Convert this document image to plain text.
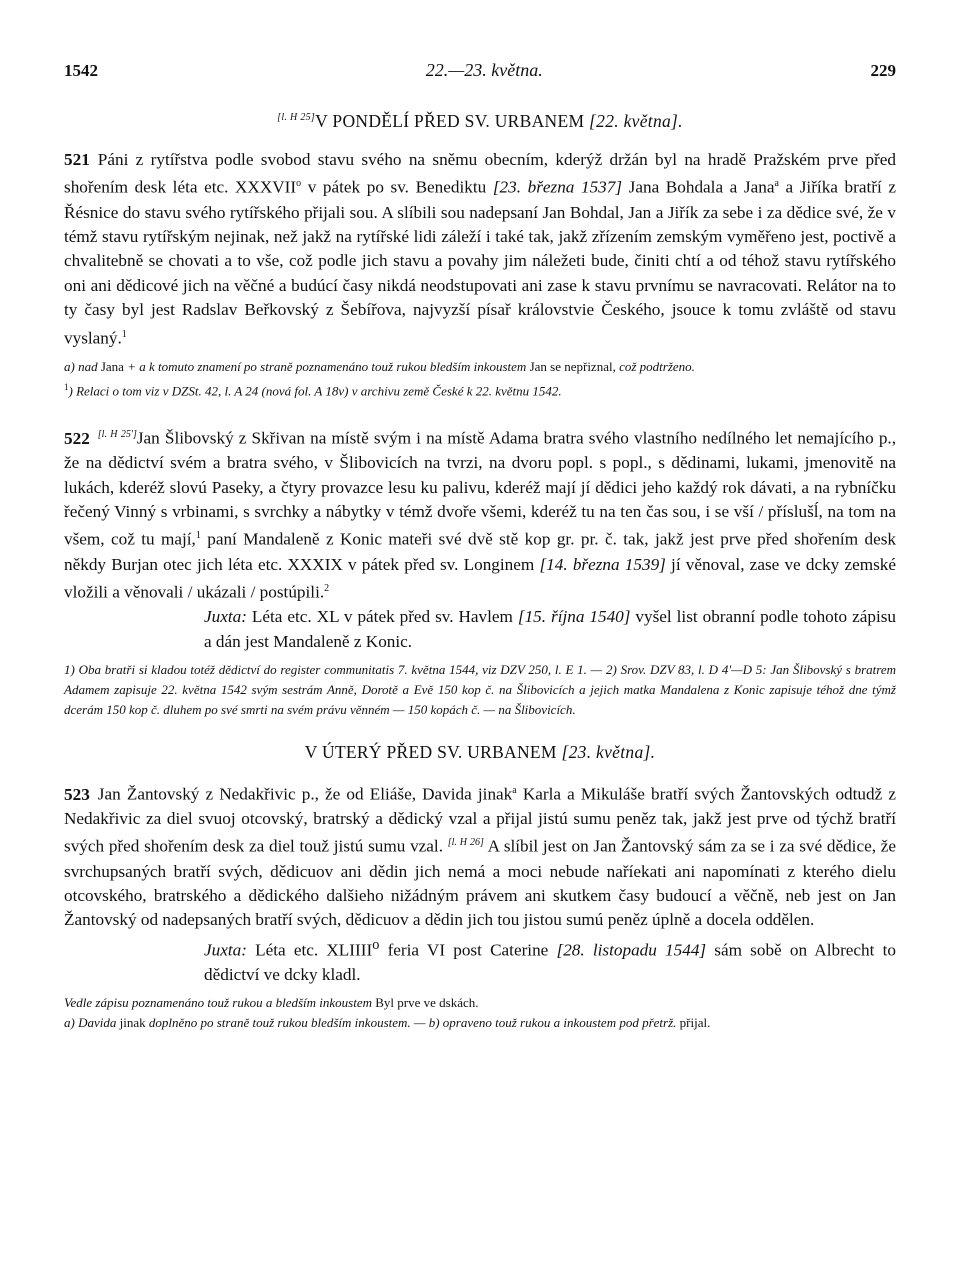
1542	22.—23. května.	229
[l. H 25]V PONDĚLÍ PŘED SV. URBANEM [22. května].

521 Páni z rytířstva podle svobod stavu svého na sněmu obecním, kderýž držán byl na hradě Pražském prve před shořením desk léta etc. XXXVII$^o$ v pátek po sv. Benediktu [23. března 1537] Jana Bohdala a Jana$^a$ a Jiříka bratří z Řésnice do stavu svého rytířského přijali sou. A slíbili sou nadepsaní Jan Bohdal, Jan a Jiřík za sebe i za dědice své, že v témž stavu rytířským nejinak, než jakž na rytířské lidi záleží i také tak, jakž zřízením zemským vyměřeno jest, poctivě a chvalitebně se chovati a to vše, což podle jich stavu a povahy jim náležeti bude, činiti chtí a od téhož stavu rytířského oni ani dědicové jich na věčné a budúcí časy nikdá neodstupovati ani zase k stavu prvnímu se navracovati. Relátor na to ty časy byl jest Radslav Beřkovský z Šebířova, najvyzší písař královstvie Českého, jsouce k tomu zvláště od stavu vyslaný.$^1$

a) nad Jana + a k tomuto znamení po straně poznamenáno touž rukou bledším inkoustem Jan se nepřiznal, což podtrženo.

$^1$) Relaci o tom viz v DZSt. 42, l. A 24 (nová fol. A 18v) v archivu země České k 22. květnu 1542.

522 [l. H 25']Jan Šlibovský z Skřivan na místě svým i na místě Adama bratra svého vlastního nedílného let nemajícího p., že na dědictví svém a bratra svého, v Šlibovicích na tvrzi, na dvoru popl. s popl., s dědinami, lukami, jmenovitě na lukách, kderéž slovú Paseky, a čtyry provazce lesu ku palivu, kderéž mají jí dědici jeho každý rok dávati, a na rybníčku řečený Vinný s vrbinami, s svrchky a nábytky v témž dvoře všemi, kderéž tu na ten čas sou, i se vší / příslušĺ, na tom na všem, což tu mají,$^1$ paní Mandaleně z Konic mateři své dvě stě kop gr. pr. č. tak, jakž jest prve před shořením desk někdy Burjan otec jich léta etc. XXXIX v pátek před sv. Longinem [14. března 1539] jí věnoval, zase ve dcky zemské vložili a věnovali / ukázali / postúpili.$^2$

Juxta: Léta etc. XL v pátek před sv. Havlem [15. října 1540] vyšel list obranní podle tohoto zápisu a dán jest Mandaleně z Konic.

1) Oba bratři si kladou totéž dědictví do register communitatis 7. května 1544, viz DZV 250, l. E 1. — 2) Srov. DZV 83, l. D 4'—D 5: Jan Šlibovský s bratrem Adamem zapisuje 22. května 1542 svým sestrám Anně, Dorotě a Evě 150 kop č. na Šlibovicích a jejich matka Mandalena z Konic zapisuje téhož dne týmž dcerám 150 kop č. dluhem po své smrti na svém právu věnném — 150 kopách č. — na Šlibovicích.

V ÚTERÝ PŘED SV. URBANEM [23. května].

523 Jan Žantovský z Nedakřivic p., že od Eliáše, Davida jinak$^a$ Karla a Mikuláše bratří svých Žantovských odtudž z Nedakřivic za diel svuoj otcovský, bratrský a dědický vzal a přijal jistú sumu peněz tak, jakž jest prve od týchž bratří svých před shořením desk za diel touž jistú sumu vzal. [l. H 26] A slíbil jest on Jan Žantovský sám za se i za své dědice, že svrchupsaných bratří svých, dědicuov ani dědin jich nemá a moci nebude naříekati ani napomínati z kterého dielu otcovského, bratrského a dědického dalšieho nižádným právem ani skutkem časy budoucí a věčně, neb jest on Jan Žantovský od nadepsaných bratří svých, dědicuov a dědin jich tou jistou sumú peněz úplně a docela oddělen.

Juxta: Léta etc. XLIIII$^o$ feria VI post Caterine [28. listopadu 1544] sám sobě on Albrecht to dědictví ve dcky kladl.

Vedle zápisu poznamenáno touž rukou a bledším inkoustem Byl prve ve dskách.

a) Davida jinak doplněno po straně touž rukou bledším inkoustem. — b) opraveno touž rukou a inkoustem pod přetrž. přijal.
